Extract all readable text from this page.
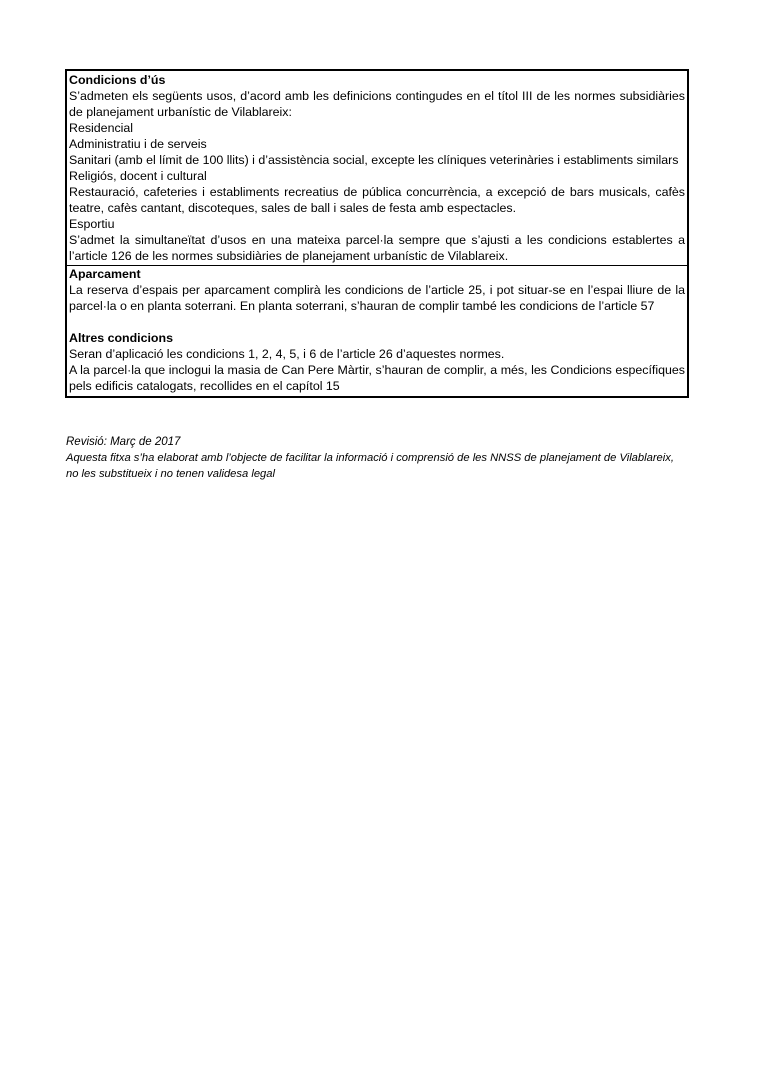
Condicions d’ús

S’admeten els següents usos, d’acord amb les definicions contingudes en el títol III de les normes subsidiàries de planejament urbanístic de Vilablareix:

Residencial

Administratiu i de serveis

Sanitari (amb el límit de 100 llits) i d’assistència social, excepte les clíniques veterinàries i establiments similars

Religiós, docent i cultural

Restauració, cafeteries i establiments recreatius de pública concurrència, a excepció de bars musicals, cafès teatre, cafès cantant, discoteques, sales de ball i sales de festa amb espectacles.

Esportiu

S’admet la simultaneïtat d’usos en una mateixa parcel·la sempre que s’ajusti a les condicions establertes a l’article 126 de les normes subsidiàries de planejament urbanístic de Vilablareix.

Aparcament

La reserva d’espais per aparcament complirà les condicions de l’article 25, i pot situar-se en l’espai lliure de la parcel·la o en planta soterrani. En planta soterrani, s’hauran de complir també les condicions de l’article 57

Altres condicions

Seran d’aplicació les condicions 1, 2, 4, 5, i 6 de l’article 26 d’aquestes normes.

A la parcel·la que inclogui la masia de Can Pere Màrtir, s’hauran de complir, a més, les Condicions específiques pels edificis catalogats, recollides en el capítol 15

Revisió: Març de 2017
Aquesta fitxa s’ha elaborat amb l’objecte de facilitar la informació i comprensió de les NNSS de planejament de Vilablareix, no les substitueix i no tenen validesa legal
